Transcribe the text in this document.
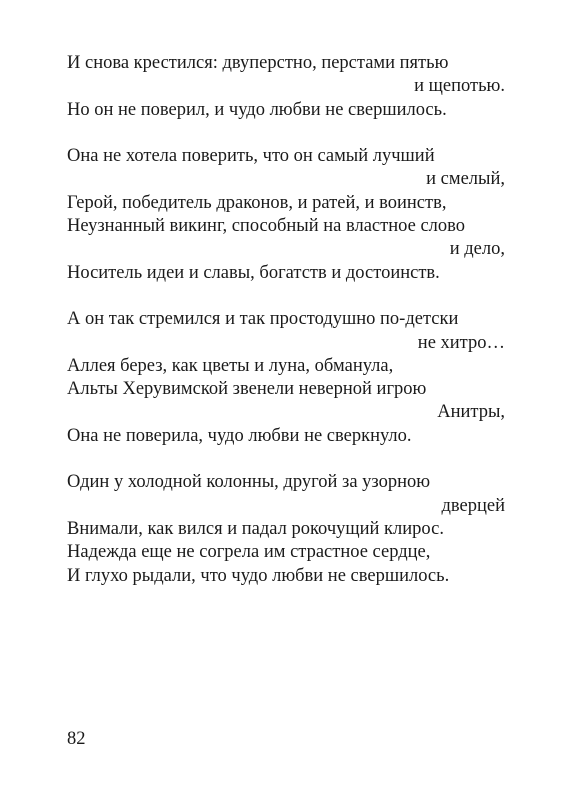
И снова крестился: двуперстно, перстами пятью
и щепотью.
Но он не поверил, и чудо любви не свершилось.
Она не хотела поверить, что он самый лучший
и смелый,
Герой, победитель драконов, и ратей, и воинств,
Неузнанный викинг, способный на властное слово
и дело,
Носитель идеи и славы, богатств и достоинств.
А он так стремился и так простодушно по-детски
не хитро…
Аллея берез, как цветы и луна, обманула,
Альты Херувимской звенели неверной игрою
Анитры,
Она не поверила, чудо любви не сверкнуло.
Один у холодной колонны, другой за узорною
дверцей
Внимали, как вился и падал рокочущий клирос.
Надежда еще не согрела им страстное сердце,
И глухо рыдали, что чудо любви не свершилось.
82
